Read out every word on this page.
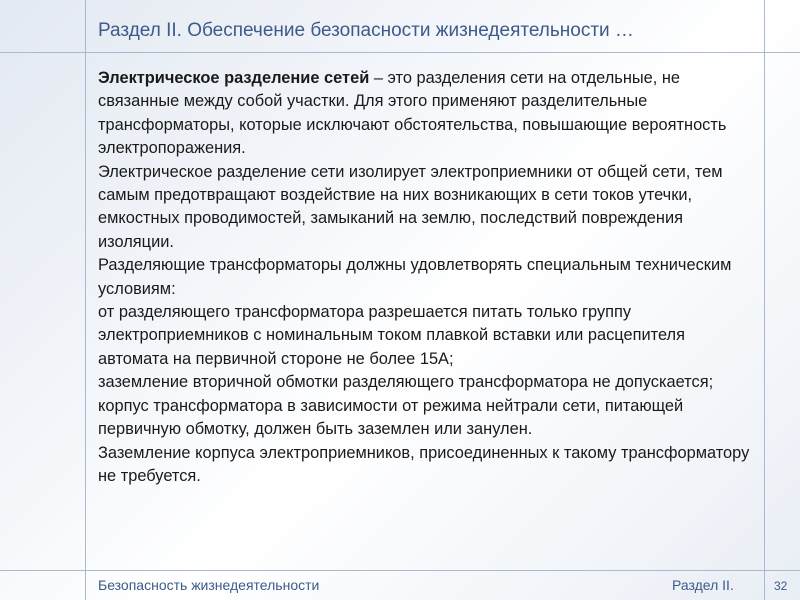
Раздел II. Обеспечение безопасности жизнедеятельности …

Электрическое разделение сетей – это разделения сети на отдельные, не связанные между собой участки. Для этого применяют разделительные трансформаторы, которые исключают обстоятельства, повышающие вероятность электропоражения.

Электрическое разделение сети изолирует электроприемники от общей сети, тем самым предотвращают воздействие на них возникающих в сети токов утечки, емкостных проводимостей, замыканий на землю, последствий повреждения изоляции.

Разделяющие трансформаторы должны удовлетворять специальным техническим условиям:

от разделяющего трансформатора разрешается питать только группу электроприемников с номинальным током плавкой вставки или расцепителя автомата на первичной стороне не более 15А;

заземление вторичной обмотки разделяющего трансформатора не допускается;

корпус трансформатора в зависимости от режима нейтрали сети, питающей первичную обмотку, должен быть заземлен или занулен.

Заземление корпуса электроприемников, присоединенных к такому трансформатору не требуется.

Безопасность жизнедеятельности	Раздел II.	32
